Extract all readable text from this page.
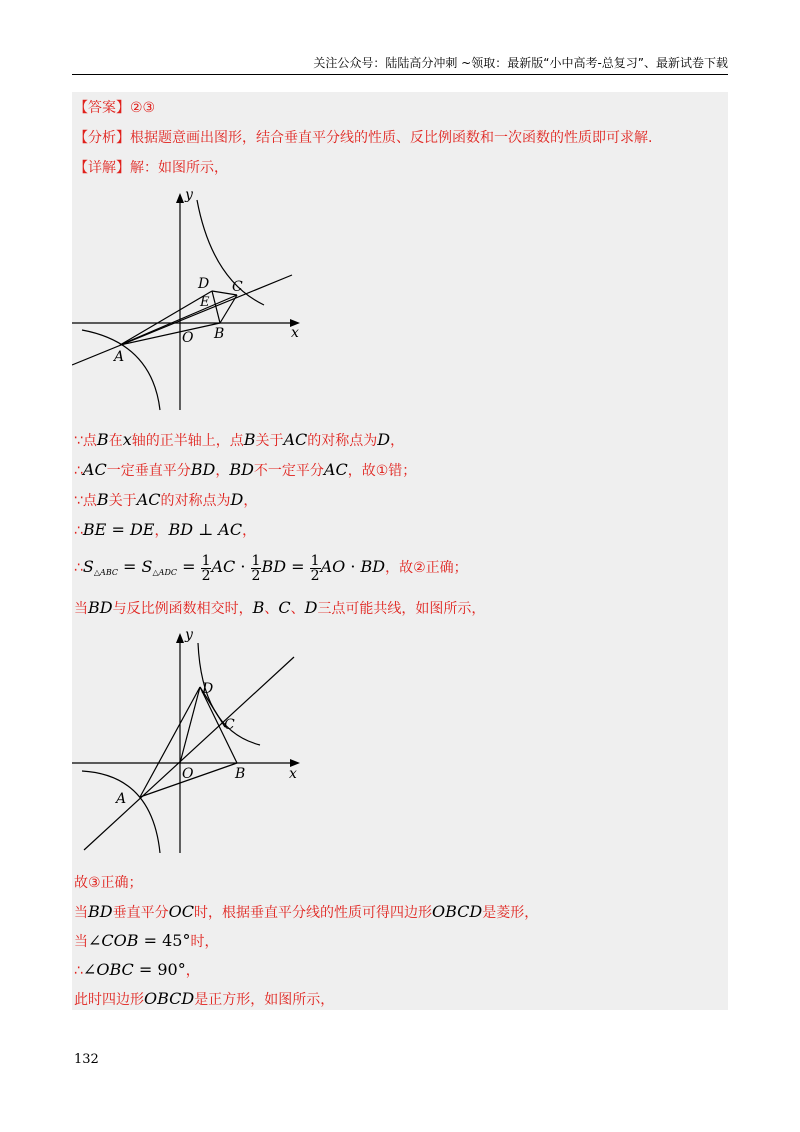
关注公众号：陆陆高分冲刺 ~领取：最新版“小中高考-总复习”、最新试卷下载
【答案】②③
【分析】根据题意画出图形，结合垂直平分线的性质、反比例函数和一次函数的性质即可求解.
【详解】解：如图所示，
y
x
O
A
B
C
D
E
∵点B在x轴的正半轴上，点B关于AC的对称点为D，
∴AC一定垂直平分BD，BD不一定平分AC，故①错；
∵点B关于AC的对称点为D，
∴BE = DE，BD ⊥ AC，
$\therefore S_{\triangle ABC} = S_{\triangle ADC} = \frac{1}{2}$ AC · $\frac{1}{2}$ BD = $\frac{1}{2}$ AO · BD，故②正确；
当BD与反比例函数相交时，B、C、D三点可能共线，如图所示，
y
x
O
A
B
C
D
故③正确；
当BD垂直平分OC时，根据垂直平分线的性质可得四边形OBCD是菱形，
当∠COB = 45°时，
∴∠OBC = 90°，
此时四边形OBCD是正方形，如图所示，
132
